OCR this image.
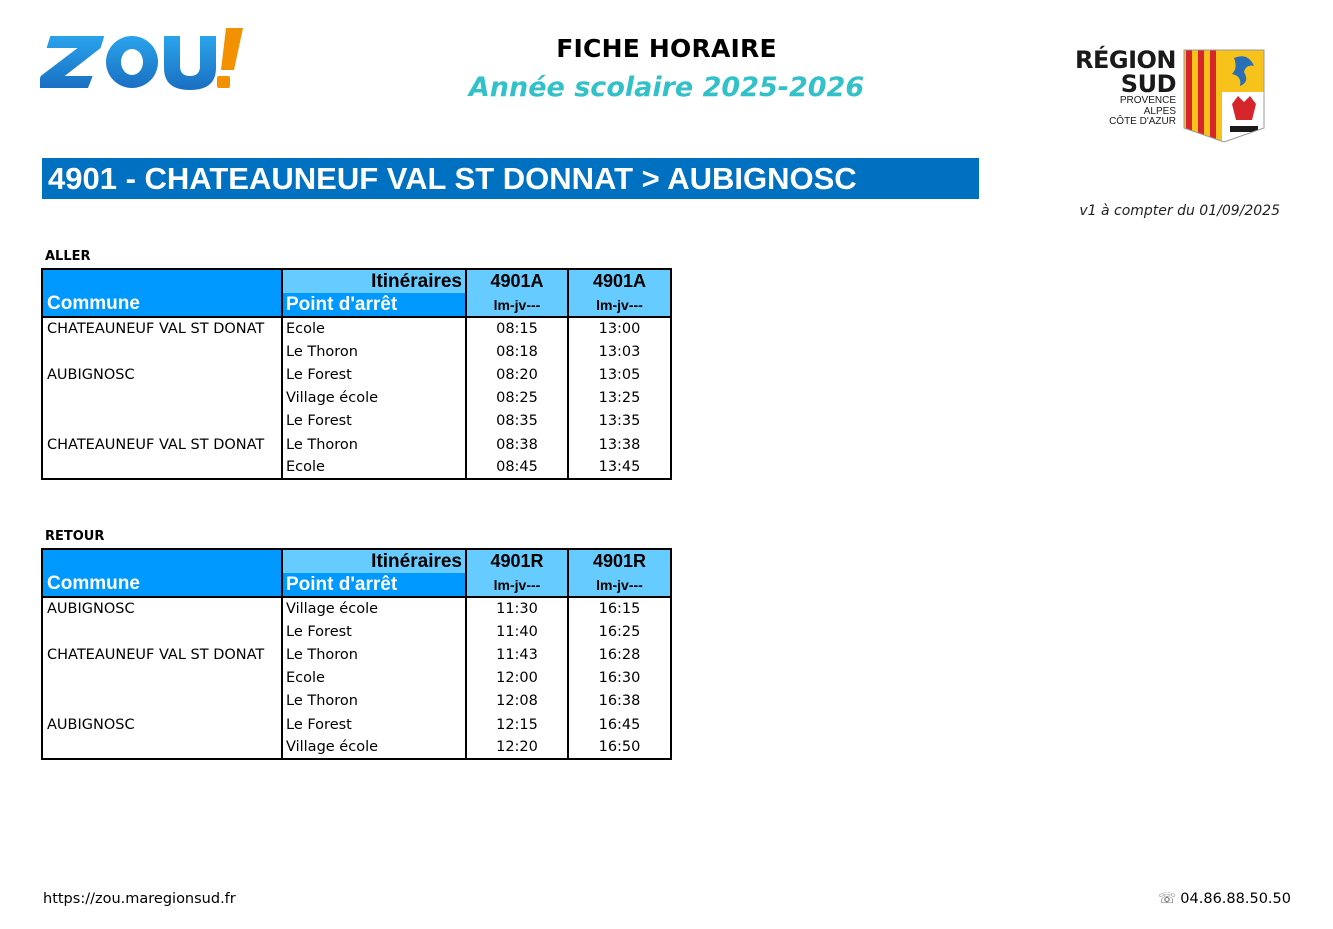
FICHE HORAIRE
Année scolaire 2025-2026
RÉGION
SUD
PROVENCE
ALPES
CÔTE D'AZUR
4901 - CHATEAUNEUF VAL ST DONNAT > AUBIGNOSC
v1 à compter du 01/09/2025
ALLER
Commune	Itinéraires	4901A	4901A
	Point d'arrêt	lm-jv---	lm-jv---
CHATEAUNEUF VAL ST DONAT	Ecole	08:15	13:00
	Le Thoron	08:18	13:03
AUBIGNOSC	Le Forest	08:20	13:05
	Village école	08:25	13:25
	Le Forest	08:35	13:35
CHATEAUNEUF VAL ST DONAT	Le Thoron	08:38	13:38
	Ecole	08:45	13:45
RETOUR
Commune	Itinéraires	4901R	4901R
	Point d'arrêt	lm-jv---	lm-jv---
AUBIGNOSC	Village école	11:30	16:15
	Le Forest	11:40	16:25
CHATEAUNEUF VAL ST DONAT	Le Thoron	11:43	16:28
	Ecole	12:00	16:30
	Le Thoron	12:08	16:38
AUBIGNOSC	Le Forest	12:15	16:45
	Village école	12:20	16:50
https://zou.maregionsud.fr	☏ 04.86.88.50.50
